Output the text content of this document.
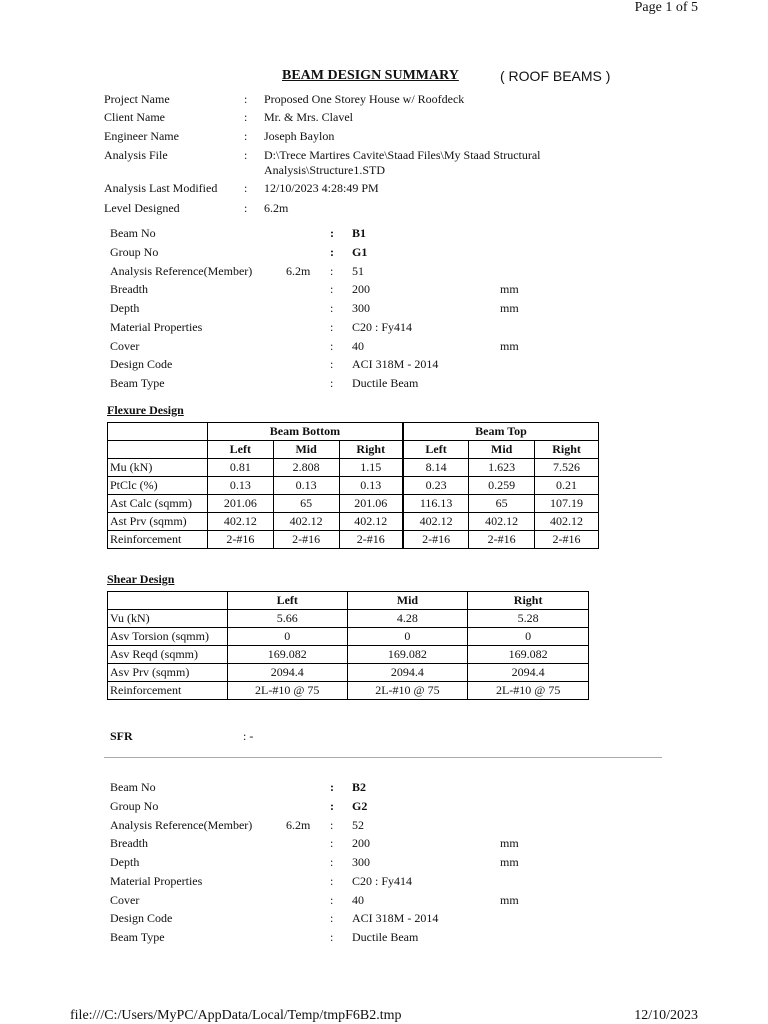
Page 1 of 5
BEAM DESIGN SUMMARY	( ROOF BEAMS )
Project Name	: Proposed One Storey House w/ Roofdeck
Client Name	: Mr. & Mrs. Clavel
Engineer Name	: Joseph Baylon
Analysis File	: D:\Trece Martires Cavite\Staad Files\My Staad Structural
Analysis\Structure1.STD
Analysis Last Modified : 12/10/2023 4:28:49 PM
Level Designed	: 6.2m
Beam No	: B1
Group No	: G1
Analysis Reference(Member)	6.2m : 51
Breadth	: 200	mm
Depth	: 300	mm
Material Properties	: C20 : Fy414
Cover	: 40	mm
Design Code	: ACI 318M - 2014
Beam Type	: Ductile Beam
Flexure Design
	Beam Bottom			Beam Top		
	Left	Mid	Right	Left	Mid	Right
Mu (kN)	0.81	2.808	1.15	8.14	1.623	7.526
PtClc (%)	0.13	0.13	0.13	0.23	0.259	0.21
Ast Calc (sqmm)	201.06	65	201.06	116.13	65	107.19
Ast Prv (sqmm)	402.12	402.12	402.12	402.12	402.12	402.12
Reinforcement	2-#16	2-#16	2-#16	2-#16	2-#16	2-#16
Shear Design
	Left	Mid	Right
Vu (kN)	5.66	4.28	5.28
Asv Torsion (sqmm)	0	0	0
Asv Reqd (sqmm)	169.082	169.082	169.082
Asv Prv (sqmm)	2094.4	2094.4	2094.4
Reinforcement	2L-#10 @ 75	2L-#10 @ 75	2L-#10 @ 75
SFR	: -
Beam No	: B2
Group No	: G2
Analysis Reference(Member)	6.2m : 52
Breadth	: 200	mm
Depth	: 300	mm
Material Properties	: C20 : Fy414
Cover	: 40	mm
Design Code	: ACI 318M - 2014
Beam Type	: Ductile Beam
file:///C:/Users/MyPC/AppData/Local/Temp/tmpF6B2.tmp	12/10/2023
